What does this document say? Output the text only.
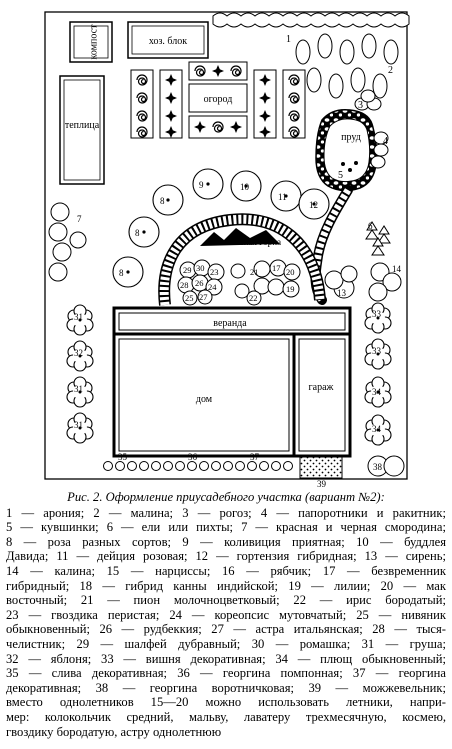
1
2
компост	хоз. блок
теплица
огород
пруд
3
4
5
альпийская горка
29 30 23
28 26 24
25 27
21 17 20
19
22
8
9	10
11
8
8
7
12
13
6
14
31
32
31
31
33
33
34
34
веранда
дом
гараж
35	36	37
39
38
Рис. 2. Оформление приусадебного участка (вариант №2):
1 — арония; 2 — малина; 3 — рогоз; 4 — папоротники и ракитник;
5 — кувшинки; 6 — ели или пихты; 7 — красная и черная смородина;
8 — роза разных сортов; 9 — коливиция приятная; 10 — буддлея
Давида; 11 — дейция розовая; 12 — гортензия гибридная; 13 — сирень;
14 — калина; 15 — нарциссы; 16 — рябчик; 17 — безвременник
гибридный; 18 — гибрид канны индийской; 19 — лилии; 20 — мак
восточный; 21 — пион молочноцветковый; 22 — ирис бородатый;
23 — гвоздика перистая; 24 — кореопсис мутовчатый; 25 — нивяник
обыкновенный; 26 — рудбеккия; 27 — астра итальянская; 28 — тыся-
челистник; 29 — шалфей дубравный; 30 — ромашка; 31 — груша;
32 — яблоня; 33 — вишня декоративная; 34 — плющ обыкновенный;
35 — слива декоративная; 36 — георгина помпонная; 37 — георгина
декоративная; 38 — георгина воротничковая; 39 — можжевельник;
вместо однолетников 15—20 можно использовать летники, напри-
мер: колокольчик средний, мальву, лаватеру трехмесячную, космею,
гвоздику бородатую, астру однолетнюю
